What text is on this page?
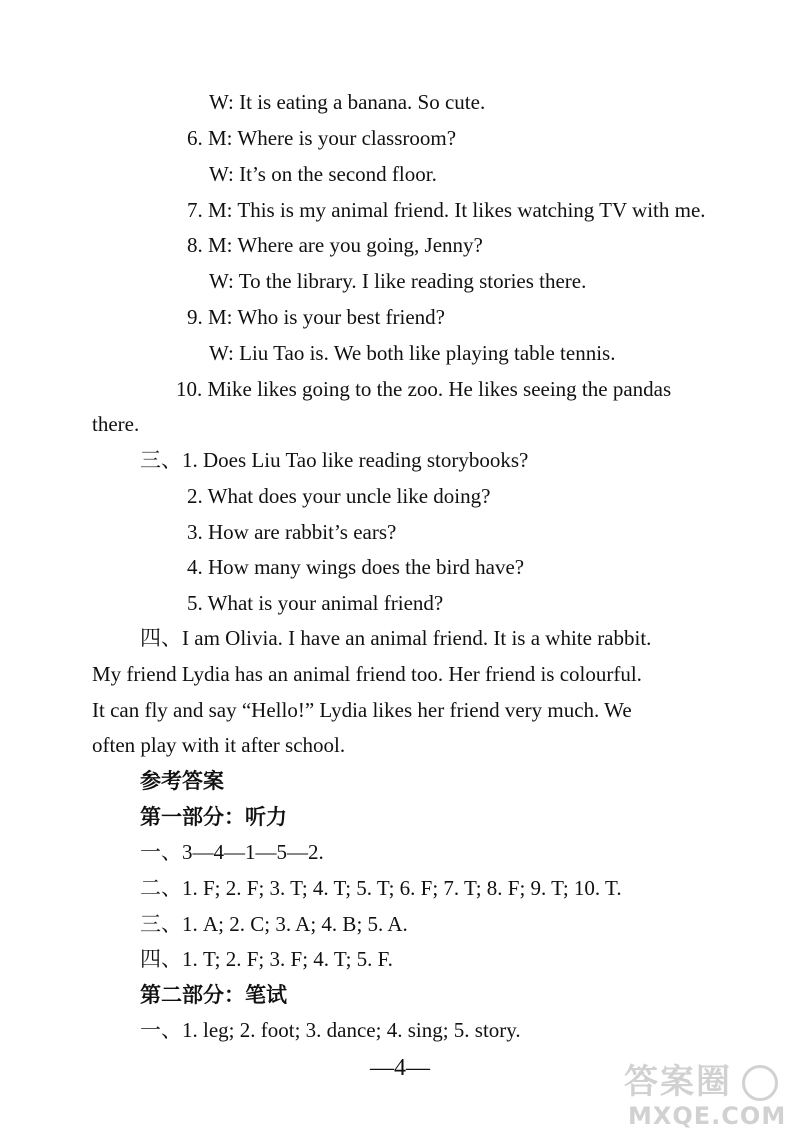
W: It is eating a banana. So cute.
6. M: Where is your classroom?
W: It’s on the second floor.
7. M: This is my animal friend. It likes watching TV with me.
8. M: Where are you going, Jenny?
W: To the library. I like reading stories there.
9. M: Who is your best friend?
W: Liu Tao is. We both like playing table tennis.
10. Mike likes going to the zoo. He likes seeing the pandas
there.
三、1. Does Liu Tao like reading storybooks?
2. What does your uncle like doing?
3. How are rabbit’s ears?
4. How many wings does the bird have?
5. What is your animal friend?
四、I am Olivia. I have an animal friend. It is a white rabbit.
My friend Lydia has an animal friend too. Her friend is colourful.
It can fly and say “Hello!” Lydia likes her friend very much. We
often play with it after school.
参考答案
第一部分：听力
一、3—4—1—5—2.
二、1. F; 2. F; 3. T; 4. T; 5. T; 6. F; 7. T; 8. F; 9. T; 10. T.
三、1. A; 2. C; 3. A; 4. B; 5. A.
四、1. T; 2. F; 3. F; 4. T; 5. F.
第二部分：笔试
一、1. leg; 2. foot; 3. dance; 4. sing; 5. story.
—4—	答案圈
MXQE.COM
